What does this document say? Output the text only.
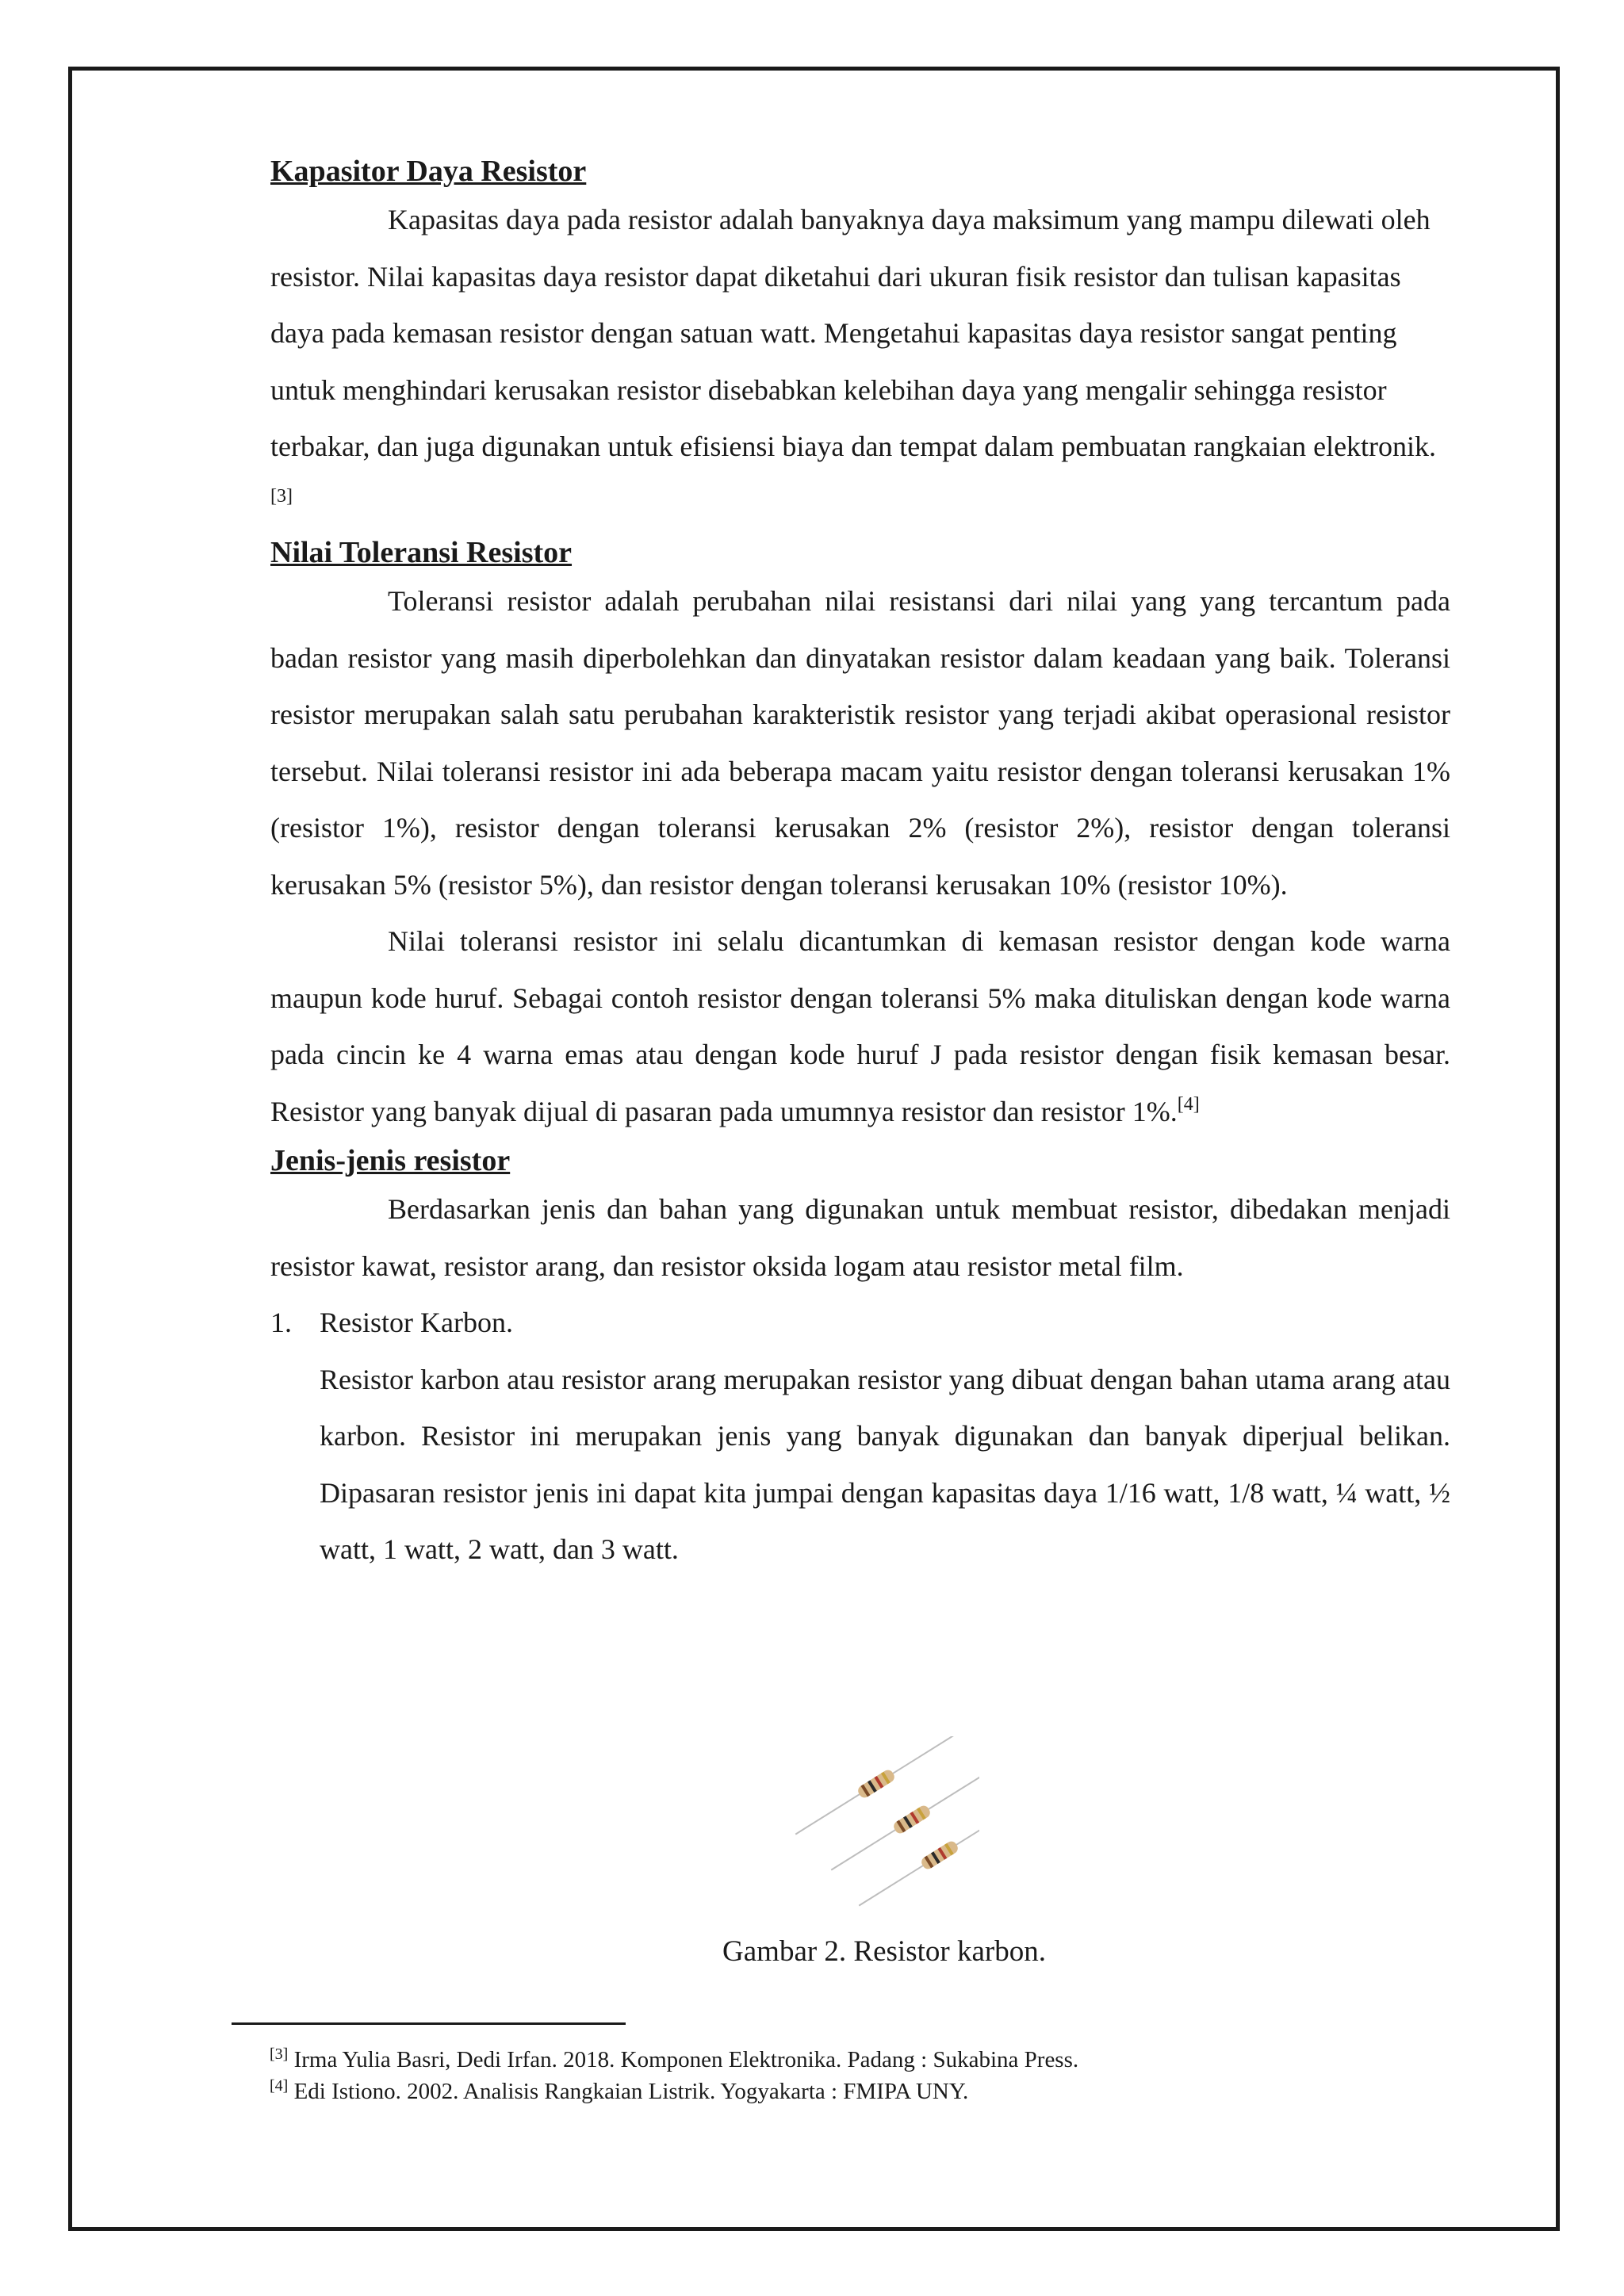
Kapasitor Daya Resistor

Kapasitas daya pada resistor adalah banyaknya daya maksimum yang mampu dilewati oleh resistor. Nilai kapasitas daya resistor dapat diketahui dari ukuran fisik resistor dan tulisan kapasitas daya pada kemasan resistor dengan satuan watt. Mengetahui kapasitas daya resistor sangat penting untuk menghindari kerusakan resistor disebabkan kelebihan daya yang mengalir sehingga resistor terbakar, dan juga digunakan untuk efisiensi biaya dan tempat dalam pembuatan rangkaian elektronik.[3]

Nilai Toleransi Resistor

Toleransi resistor adalah perubahan nilai resistansi dari nilai yang yang tercantum pada badan resistor yang masih diperbolehkan dan dinyatakan resistor dalam keadaan yang baik. Toleransi resistor merupakan salah satu perubahan karakteristik resistor yang terjadi akibat operasional resistor tersebut. Nilai toleransi resistor ini ada beberapa macam yaitu resistor dengan toleransi kerusakan 1% (resistor 1%), resistor dengan toleransi kerusakan 2% (resistor 2%), resistor dengan toleransi kerusakan 5% (resistor 5%), dan resistor dengan toleransi kerusakan 10% (resistor 10%).

Nilai toleransi resistor ini selalu dicantumkan di kemasan resistor dengan kode warna maupun kode huruf. Sebagai contoh resistor dengan toleransi 5% maka dituliskan dengan kode warna pada cincin ke 4 warna emas atau dengan kode huruf J pada resistor dengan fisik kemasan besar. Resistor yang banyak dijual di pasaran pada umumnya resistor dan resistor 1%.[4]

Jenis-jenis resistor

Berdasarkan jenis dan bahan yang digunakan untuk membuat resistor, dibedakan menjadi resistor kawat, resistor arang, dan resistor oksida logam atau resistor metal film.

1. Resistor Karbon.

Resistor karbon atau resistor arang merupakan resistor yang dibuat dengan bahan utama arang atau karbon. Resistor ini merupakan jenis yang banyak digunakan dan banyak diperjual belikan. Dipasaran resistor jenis ini dapat kita jumpai dengan kapasitas daya 1/16 watt, 1/8 watt, ¼ watt, ½ watt, 1 watt, 2 watt, dan 3 watt.

Gambar 2. Resistor karbon.
[3] Irma Yulia Basri, Dedi Irfan. 2018. Komponen Elektronika. Padang : Sukabina Press.
[4] Edi Istiono. 2002. Analisis Rangkaian Listrik. Yogyakarta : FMIPA UNY.
